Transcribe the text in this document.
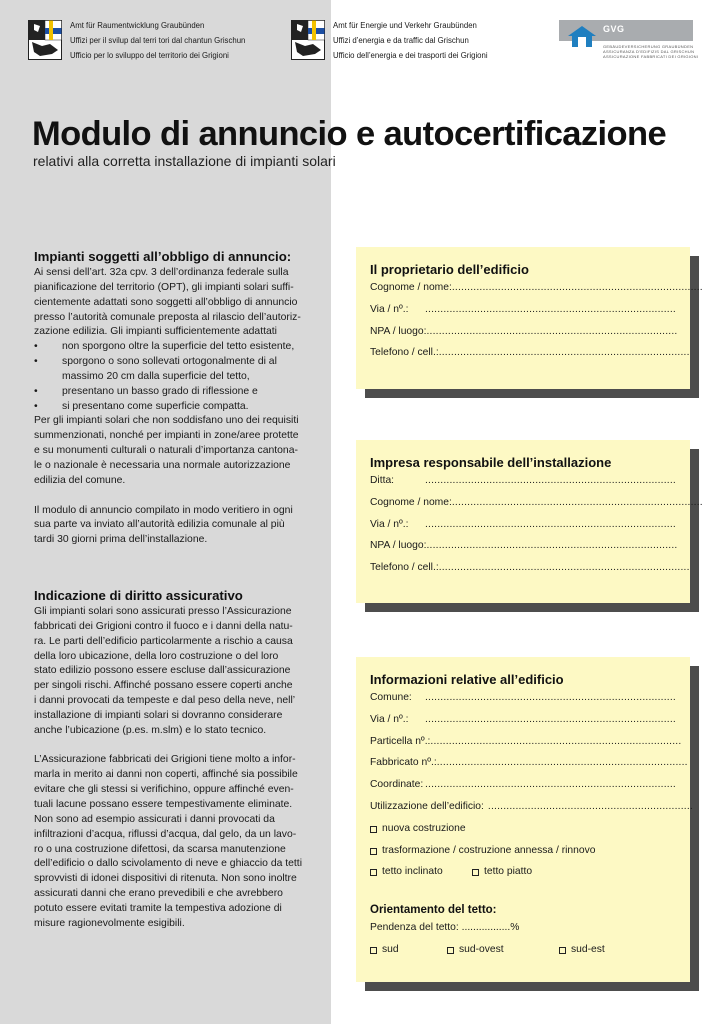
Amt für Raumentwicklung Graubünden
Uffizi per il svilup dal terri tori dal chantun Grischun
Ufficio per lo sviluppo del territorio dei Grigioni
Amt für Energie und Verkehr Graubünden
Uffizi d’energia e da traffic dal Grischun
Ufficio dell’energia e dei trasporti dei Grigioni
GVG
GEBÄUDEVERSICHERUNG GRAUBÜNDEN
ASSICURANZA D’EDIFIZIS DAL GRISCHUN
ASSICURAZIONE FABBRICATI DEI GRIGIONI
Modulo di annuncio e autocertificazione
relativi alla corretta installazione di impianti solari
Impianti soggetti all’obbligo di annuncio:

Ai sensi dell’art. 32a cpv. 3 dell’ordinanza federale sulla

pianificazione del territorio (OPT), gli impianti solari suffi-

cientemente adattati sono soggetti all’obbligo di annuncio

presso l’autorità comunale preposta al rilascio dell’autoriz-

zazione edilizia. Gli impianti sufficientemente adattati

• non sporgono oltre la superficie del tetto esistente,

• sporgono o sono sollevati ortogonalmente di al

massimo 20 cm dalla superficie del tetto,

• presentano un basso grado di riflessione e

• si presentano come superficie compatta.

Per gli impianti solari che non soddisfano uno dei requisiti

summenzionati, nonché per impianti in zone/aree protette

e su monumenti culturali o naturali d’importanza cantona-

le o nazionale è necessaria una normale autorizzazione

edilizia del comune.

Il modulo di annuncio compilato in modo veritiero in ogni

sua parte va inviato all’autorità edilizia comunale al più

tardi 30 giorni prima dell’installazione.

Indicazione di diritto assicurativo

Gli impianti solari sono assicurati presso l’Assicurazione

fabbricati dei Grigioni contro il fuoco e i danni della natu-

ra. Le parti dell’edificio particolarmente a rischio a causa

della loro ubicazione, della loro costruzione o del loro

stato edilizio possono essere escluse dall’assicurazione

per singoli rischi. Affinché possano essere coperti anche

i danni provocati da tempeste e dal peso della neve, nell’

installazione di impianti solari si dovranno considerare

anche l’ubicazione (p.es. m.slm) e lo stato tecnico.

L’Assicurazione fabbricati dei Grigioni tiene molto a infor-

marla in merito ai danni non coperti, affinché sia possibile

evitare che gli stessi si verifichino, oppure affinché even-

tuali lacune possano essere tempestivamente eliminate.

Non sono ad esempio assicurati i danni provocati da

infiltrazioni d’acqua, riflussi d’acqua, dal gelo, da un lavo-

ro o una costruzione difettosi, da scarsa manutenzione

dell’edificio o dallo scivolamento di neve e ghiaccio da tetti

sprovvisti di idonei dispositivi di ritenuta. Non sono inoltre

assicurati danni che erano prevedibili e che avrebbero

potuto essere evitati tramite la tempestiva adozione di

misure ragionevolmente esigibili.

Il proprietario dell’edificio
Cognome / nome: ..................................................................................
Via / nº.:	..................................................................................
NPA / luogo: ..................................................................................
Telefono / cell.: ..................................................................................
Impresa responsabile dell’installazione
Ditta:	..................................................................................
Cognome / nome: ..................................................................................
Via / nº.:	..................................................................................
NPA / luogo: ..................................................................................
Telefono / cell.: ..................................................................................
Informazioni relative all’edificio
Comune:	..................................................................................
Via / nº.:	..................................................................................
Particella nº.: ..................................................................................
Fabbricato nº.: ..................................................................................
Coordinate: ..................................................................................
Utilizzazione dell’edificio: ...................................................................
nuova costruzione
trasformazione / costruzione annessa / rinnovo
tetto inclinato	tetto piatto
Orientamento del tetto:
Pendenza del tetto: .................%
sud	sud-ovest	sud-est
